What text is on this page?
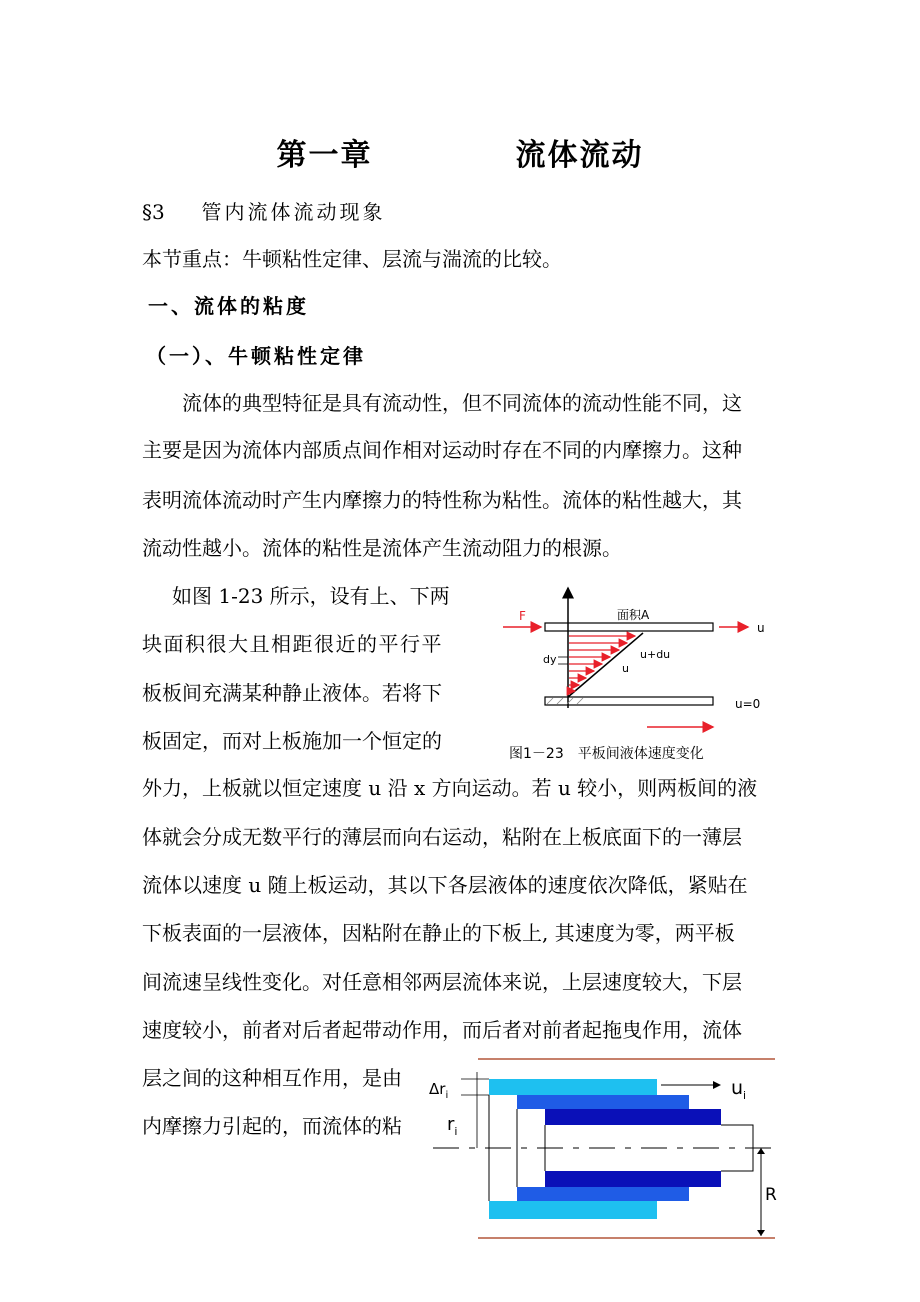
第一章	流体流动
§3 管内流体流动现象
本节重点：牛顿粘性定律、层流与湍流的比较。
一、流体的粘度
（一）、牛顿粘性定律
流体的典型特征是具有流动性，但不同流体的流动性能不同，这
主要是因为流体内部质点间作相对运动时存在不同的内摩擦力。这种
表明流体流动时产生内摩擦力的特性称为粘性。流体的粘性越大，其
流动性越小。流体的粘性是流体产生流动阻力的根源。
如图 1-23 所示，设有上、下两
块面积很大且相距很近的平行平
板板间充满某种静止液体。若将下
板固定，而对上板施加一个恒定的
F	面积A
u
dy	u+du
u
u=0
图1－23　平板间液体速度变化
外力，上板就以恒定速度 u 沿 x 方向运动。若 u 较小，则两板间的液
体就会分成无数平行的薄层而向右运动，粘附在上板底面下的一薄层
流体以速度 u 随上板运动，其以下各层液体的速度依次降低，紧贴在
下板表面的一层液体，因粘附在静止的下板上, 其速度为零，两平板
间流速呈线性变化。对任意相邻两层流体来说，上层速度较大，下层
速度较小，前者对后者起带动作用，而后者对前者起拖曳作用，流体
层之间的这种相互作用，是由
内摩擦力引起的，而流体的粘
$\Delta r_i$
$r_i$
$u_i$
R
